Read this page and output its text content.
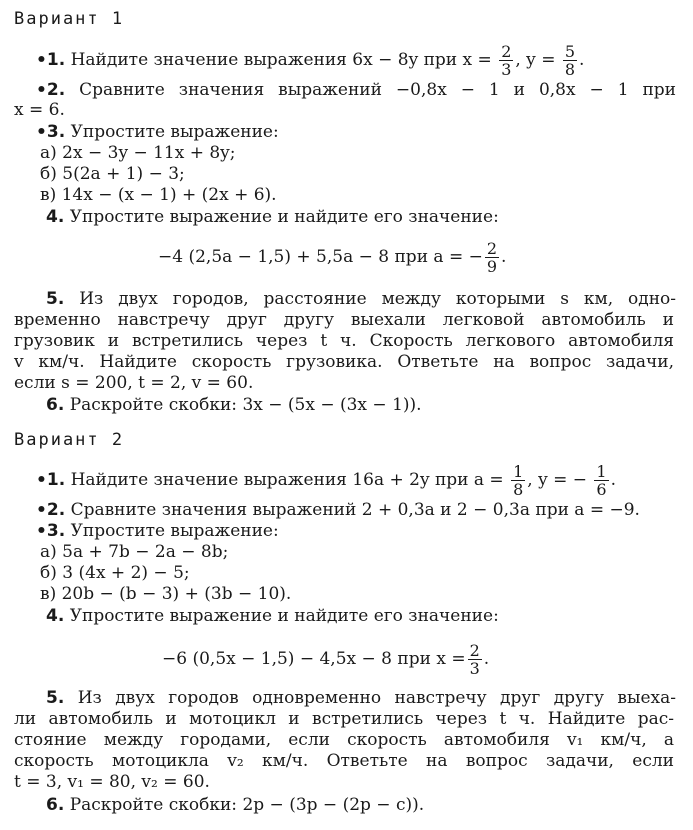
Вариант 1
•1. Найдите значение выражения 6x − 8y при $x = \frac{2}{3}$ , $y = \frac{5}{8}$ .
•2. Сравните значения выражений −0,8x − 1 и 0,8x − 1 при
x = 6.
•3. Упростите выражение:
а) 2x − 3y − 11x + 8y;
б) 5(2a + 1) − 3;
в) 14x − (x − 1) + (2x + 6).
4. Упростите выражение и найдите его значение:
−4 (2,5a − 1,5) + 5,5a − 8 при a = − $\frac{2}{9}$ .
5. Из двух городов, расстояние между которыми s км, одно-
временно навстречу друг другу выехали легковой автомобиль и
грузовик и встретились через t ч. Скорость легкового автомобиля
v км/ч. Найдите скорость грузовика. Ответьте на вопрос задачи,
если s = 200, t = 2, v = 60.
6. Раскройте скобки: 3x − (5x − (3x − 1)).
Вариант 2
•1. Найдите значение выражения 16a + 2y при $a = \frac{1}{8}$ , y = − $\frac{1}{6}$ .
•2. Сравните значения выражений 2 + 0,3a и 2 − 0,3a при a = −9.
•3. Упростите выражение:
а) 5a + 7b − 2a − 8b;
б) 3 (4x + 2) − 5;
в) 20b − (b − 3) + (3b − 10).
4. Упростите выражение и найдите его значение:
−6 (0,5x − 1,5) − 4,5x − 8 при $x = \frac{2}{3}$ .
5. Из двух городов одновременно навстречу друг другу выеха-
ли автомобиль и мотоцикл и встретились через t ч. Найдите рас-
стояние между городами, если скорость автомобиля v₁ км/ч, а
скорость мотоцикла v₂ км/ч. Ответьте на вопрос задачи, если
t = 3, v₁ = 80, v₂ = 60.
6. Раскройте скобки: 2p − (3p − (2p − c)).
